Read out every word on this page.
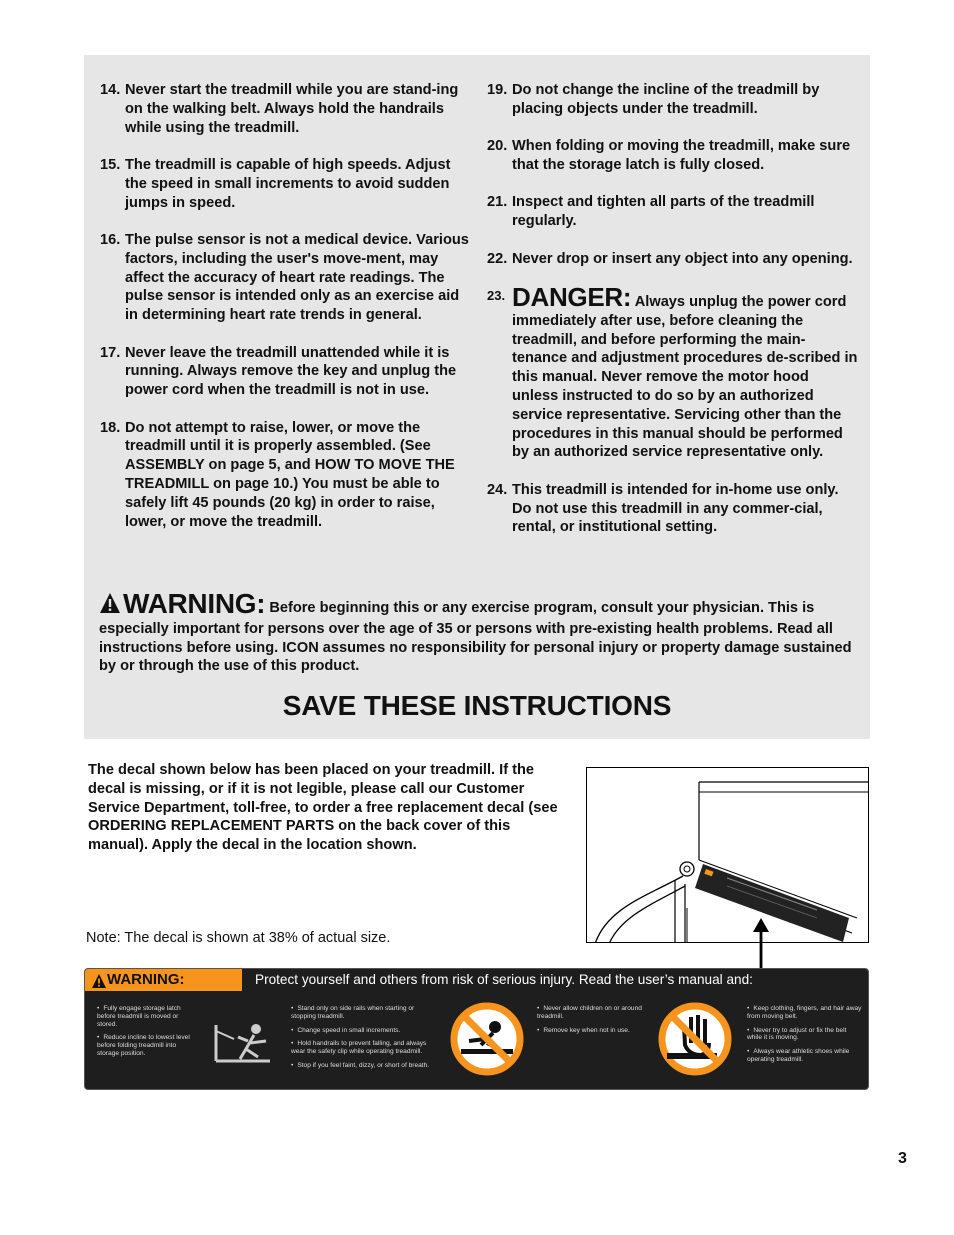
14. Never start the treadmill while you are stand-ing on the walking belt. Always hold the handrails while using the treadmill.
15. The treadmill is capable of high speeds. Adjust the speed in small increments to avoid sudden jumps in speed.
16. The pulse sensor is not a medical device. Various factors, including the user's move-ment, may affect the accuracy of heart rate readings. The pulse sensor is intended only as an exercise aid in determining heart rate trends in general.
17. Never leave the treadmill unattended while it is running. Always remove the key and unplug the power cord when the treadmill is not in use.
18. Do not attempt to raise, lower, or move the treadmill until it is properly assembled. (See ASSEMBLY on page 5, and HOW TO MOVE THE TREADMILL on page 10.) You must be able to safely lift 45 pounds (20 kg) in order to raise, lower, or move the treadmill.
19. Do not change the incline of the treadmill by placing objects under the treadmill.
20. When folding or moving the treadmill, make sure that the storage latch is fully closed.
21. Inspect and tighten all parts of the treadmill regularly.
22. Never drop or insert any object into any opening.
23. DANGER: Always unplug the power cord immediately after use, before cleaning the treadmill, and before performing the main-tenance and adjustment procedures de-scribed in this manual. Never remove the motor hood unless instructed to do so by an authorized service representative. Servicing other than the procedures in this manual should be performed by an authorized service representative only.
24. This treadmill is intended for in-home use only. Do not use this treadmill in any commer-cial, rental, or institutional setting.
WARNING: Before beginning this or any exercise program, consult your physician. This is especially important for persons over the age of 35 or persons with pre-existing health problems. Read all instructions before using. ICON assumes no responsibility for personal injury or property damage sustained by or through the use of this product.
SAVE THESE INSTRUCTIONS
The decal shown below has been placed on your treadmill. If the decal is missing, or if it is not legible, please call our Customer Service Department, toll-free, to order a free replacement decal (see ORDERING REPLACEMENT PARTS on the back cover of this manual). Apply the decal in the location shown.
Note: The decal is shown at 38% of actual size.
WARNING:	Protect yourself and others from risk of serious injury. Read the user’s manual and:
• Fully engage storage latch before treadmill is moved or stored.
• Reduce incline to lowest level before folding treadmill into storage position.
• Stand only on side rails when starting or stopping treadmill.
• Change speed in small increments.
• Hold handrails to prevent falling, and always wear the safety clip while operating treadmill.
• Stop if you feel faint, dizzy, or short of breath.
• Never allow children on or around treadmill.
• Remove key when not in use.
• Keep clothing, fingers, and hair away from moving belt.
• Never try to adjust or fix the belt while it is moving.
• Always wear athletic shoes while operating treadmill.
3
